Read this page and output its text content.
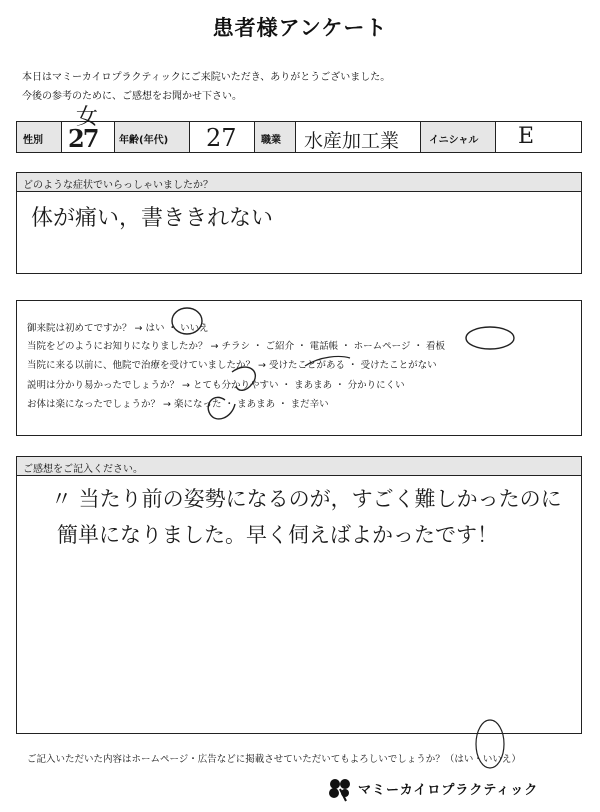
患者様アンケート
本日はマミーカイロプラクティックにご来院いただき、ありがとうございました。
今後の参考のために、ご感想をお聞かせ下さい。
性別 27 年齢(年代) 27 職業 水産加工業	イニシャル E
女
どのような症状でいらっしゃいましたか？
体が痛い，書ききれない
御来院は初めてですか？ → はい ・ いいえ
当院をどのようにお知りになりましたか？ → チラシ ・ ご紹介 ・ 電話帳 ・ ホームページ ・ 看板
当院に来る以前に、他院で治療を受けていましたか？ → 受けたことがある ・ 受けたことがない
説明は分かり易かったでしょうか？ → とても分かりやすい ・ まあまあ ・ 分かりにくい
お体は楽になったでしょうか？ → 楽になった ・ まあまあ ・ まだ辛い
ご感想をご記入ください。
〃 当たり前の姿勢になるのが，すごく難しかったのに
簡単になりました。早く伺えばよかったです！
ご記入いただいた内容はホームページ・広告などに掲載させていただいてもよろしいでしょうか？（はい・いいえ）
マミーカイロプラクティック
